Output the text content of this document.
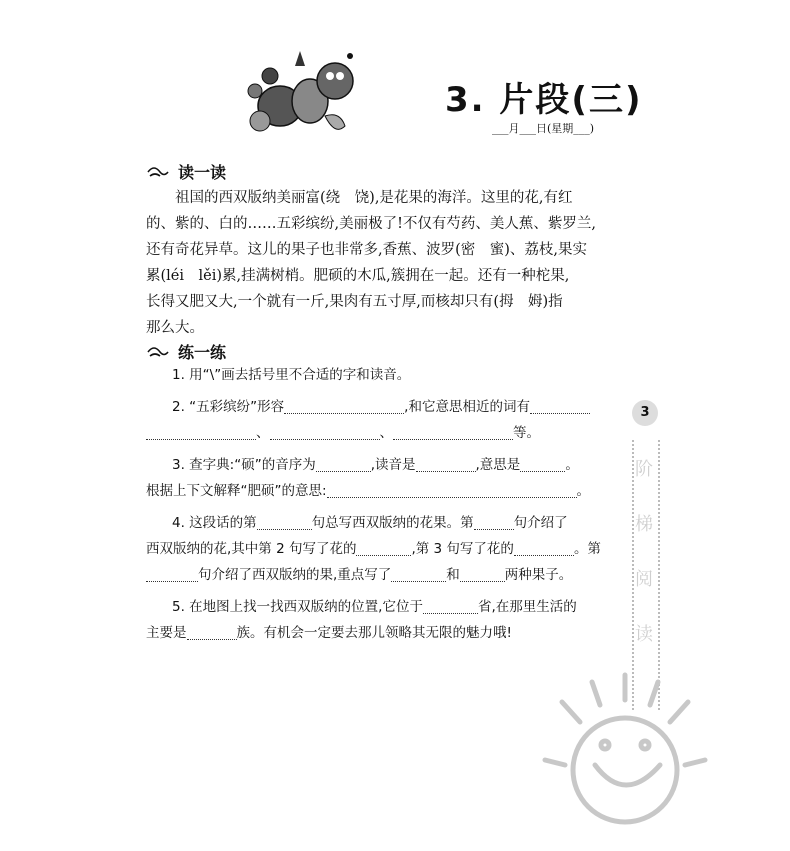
3. 片段(三)
___月___日(星期___)
读一读

祖国的西双版纳美丽富(绕　饶),是花果的海洋。这里的花,有红

的、紫的、白的……五彩缤纷,美丽极了!不仅有芍药、美人蕉、紫罗兰,

还有奇花异草。这儿的果子也非常多,香蕉、波罗(密　蜜)、荔枝,果实

累(léi　lěi)累,挂满树梢。肥硕的木瓜,簇拥在一起。还有一种柁果,

长得又肥又大,一个就有一斤,果肉有五寸厚,而核却只有(拇　姆)指

那么大。

练一练

1. 用“\”画去括号里不合适的字和读音。

2. “五彩缤纷”形容	,和它意思相近的词有

、	、	等。

3. 查字典:“硕”的音序为	,读音是	,意思是	。

根据上下文解释“肥硕”的意思:	。

4. 这段话的第	句总写西双版纳的花果。第	句介绍了

西双版纳的花,其中第 2 句写了花的	,第 3 句写了花的	。第

句介绍了西双版纳的果,重点写了	和	两种果子。

5. 在地图上找一找西双版纳的位置,它位于	省,在那里生活的

主要是	族。有机会一定要去那儿领略其无限的魅力哦!

3
阶
梯
阅
读
